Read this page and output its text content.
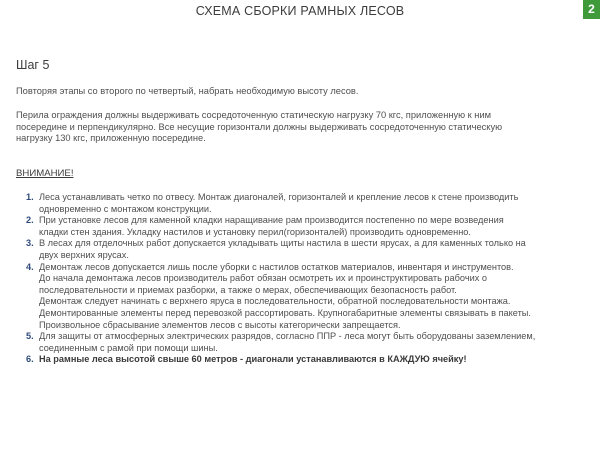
СХЕМА СБОРКИ РАМНЫХ ЛЕСОВ	2
Шаг 5
Повторяя этапы со второго по четвертый, набрать необходимую высоту лесов.
Перила ограждения должны выдерживать сосредоточенную статическую нагрузку 70 кгс, приложенную к ним
посередине и перпендикулярно. Все несущие горизонтали должны выдерживать сосредоточенную статическую
нагрузку 130 кгс, приложенную посередине.
ВНИМАНИЕ!
1. Леса устанавливать четко по отвесу. Монтаж диагоналей, горизонталей и крепление лесов к стене производить
одновременно с монтажом конструкции.
2. При установке лесов для каменной кладки наращивание рам производится постепенно по мере возведения
кладки стен здания. Укладку настилов и установку перил(горизонталей) производить одновременно.
3. В лесах для отделочных работ допускается укладывать щиты настила в шести ярусах, а для каменных только на
двух верхних ярусах.
4. Демонтаж лесов допускается лишь после уборки с настилов остатков материалов, инвентаря и инструментов.
До начала демонтажа лесов производитель работ обязан осмотреть их и проинструктировать рабочих о
последовательности и приемах разборки, а также о мерах, обеспечивающих безопасность работ.
Демонтаж следует начинать с верхнего яруса в последовательности, обратной последовательности монтажа.
Демонтированные элементы перед перевозкой рассортировать. Крупногабаритные элементы связывать в пакеты.
Произвольное сбрасывание элементов лесов с высоты категорически запрещается.
5. Для защиты от атмосферных электрических разрядов, согласно ППР - леса могут быть оборудованы заземлением,
соединенным с рамой при помощи шины.
6. На рамные леса высотой свыше 60 метров - диагонали устанавливаются в КАЖДУЮ ячейку!
